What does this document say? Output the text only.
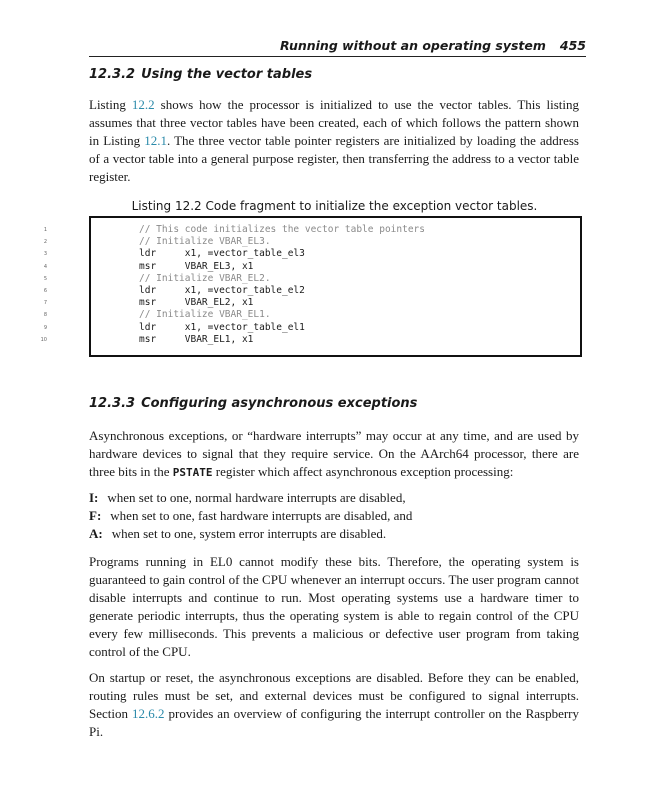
Running without an operating system 455
12.3.2 Using the vector tables

Listing 12.2 shows how the processor is initialized to use the vector tables. This listing assumes that three vector tables have been created, each of which follows the pattern shown in Listing 12.1. The three vector table pointer registers are initialized by loading the address of a vector table into a general purpose register, then transferring the address to a vector table register.

Listing 12.2 Code fragment to initialize the exception vector tables.
1	// This code initializes the vector table pointers
2	// Initialize VBAR_EL3.
3	ldr     x1, =vector_table_el3
4	msr     VBAR_EL3, x1
5	// Initialize VBAR_EL2.
6	ldr     x1, =vector_table_el2
7	msr     VBAR_EL2, x1
8	// Initialize VBAR_EL1.
9	ldr     x1, =vector_table_el1
10	msr     VBAR_EL1, x1
12.3.3 Configuring asynchronous exceptions

Asynchronous exceptions, or “hardware interrupts” may occur at any time, and are used by hardware devices to signal that they require service. On the AArch64 processor, there are three bits in the PSTATE register which affect asynchronous exception processing:

I: when set to one, normal hardware interrupts are disabled,
F: when set to one, fast hardware interrupts are disabled, and
A: when set to one, system error interrupts are disabled.

Programs running in EL0 cannot modify these bits. Therefore, the operating system is guaranteed to gain control of the CPU whenever an interrupt occurs. The user program cannot disable interrupts and continue to run. Most operating systems use a hardware timer to generate periodic interrupts, thus the operating system is able to regain control of the CPU every few milliseconds. This prevents a malicious or defective user program from taking control of the CPU.

On startup or reset, the asynchronous exceptions are disabled. Before they can be enabled, routing rules must be set, and external devices must be configured to signal interrupts. Section 12.6.2 provides an overview of configuring the interrupt controller on the Raspberry Pi.
